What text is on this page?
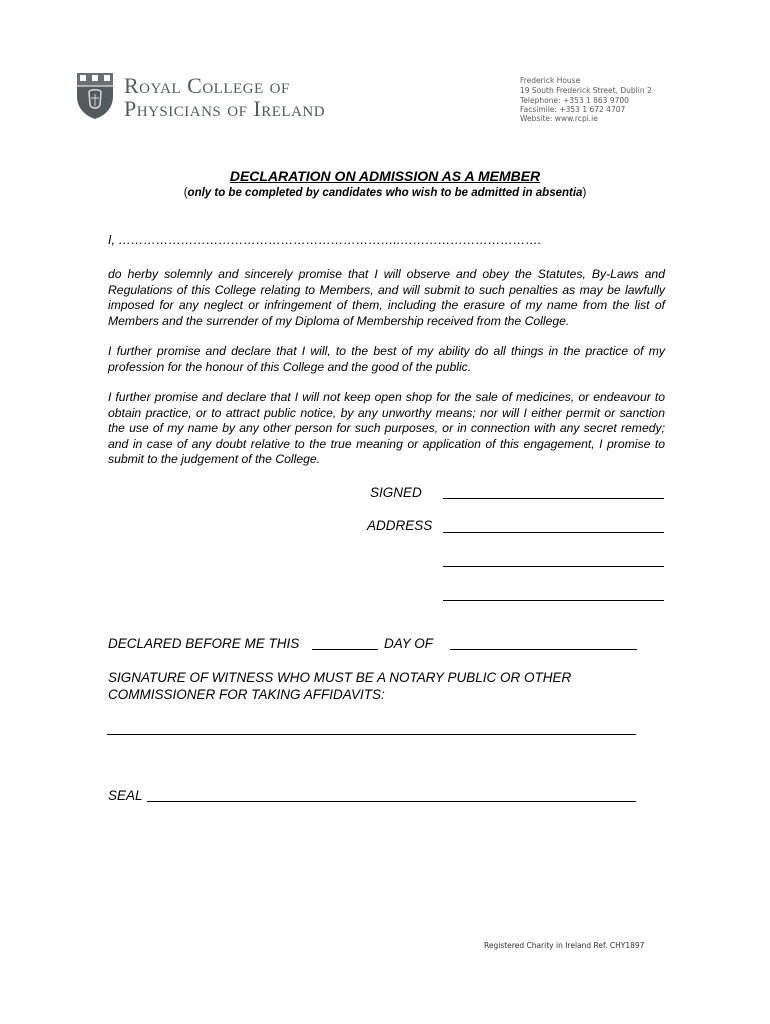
Royal College of
Physicians of Ireland
Frederick House
19 South Frederick Street, Dublin 2
Telephone: +353 1 863 9700
Facsimile: +353 1 672 4707
Website: www.rcpi.ie
DECLARATION ON ADMISSION AS A MEMBER
(only to be completed by candidates who wish to be admitted in absentia)
I, …………………………………………………………..…………………………….
do herby solemnly and sincerely promise that I will observe and obey the Statutes, By-Laws and Regulations of this College relating to Members, and will submit to such penalties as may be lawfully imposed for any neglect or infringement of them, including the erasure of my name from the list of Members and the surrender of my Diploma of Membership received from the College.
I further promise and declare that I will, to the best of my ability do all things in the practice of my profession for the honour of this College and the good of the public.
I further promise and declare that I will not keep open shop for the sale of medicines, or endeavour to obtain practice, or to attract public notice, by any unworthy means; nor will I either permit or sanction the use of my name by any other person for such purposes, or in connection with any secret remedy; and in case of any doubt relative to the true meaning or application of this engagement, I promise to submit to the judgement of the College.
SIGNED
ADDRESS
DECLARED BEFORE ME THIS	DAY OF
SIGNATURE OF WITNESS WHO MUST BE A NOTARY PUBLIC OR OTHER
COMMISSIONER FOR TAKING AFFIDAVITS:
SEAL
Registered Charity in Ireland Ref. CHY1897
